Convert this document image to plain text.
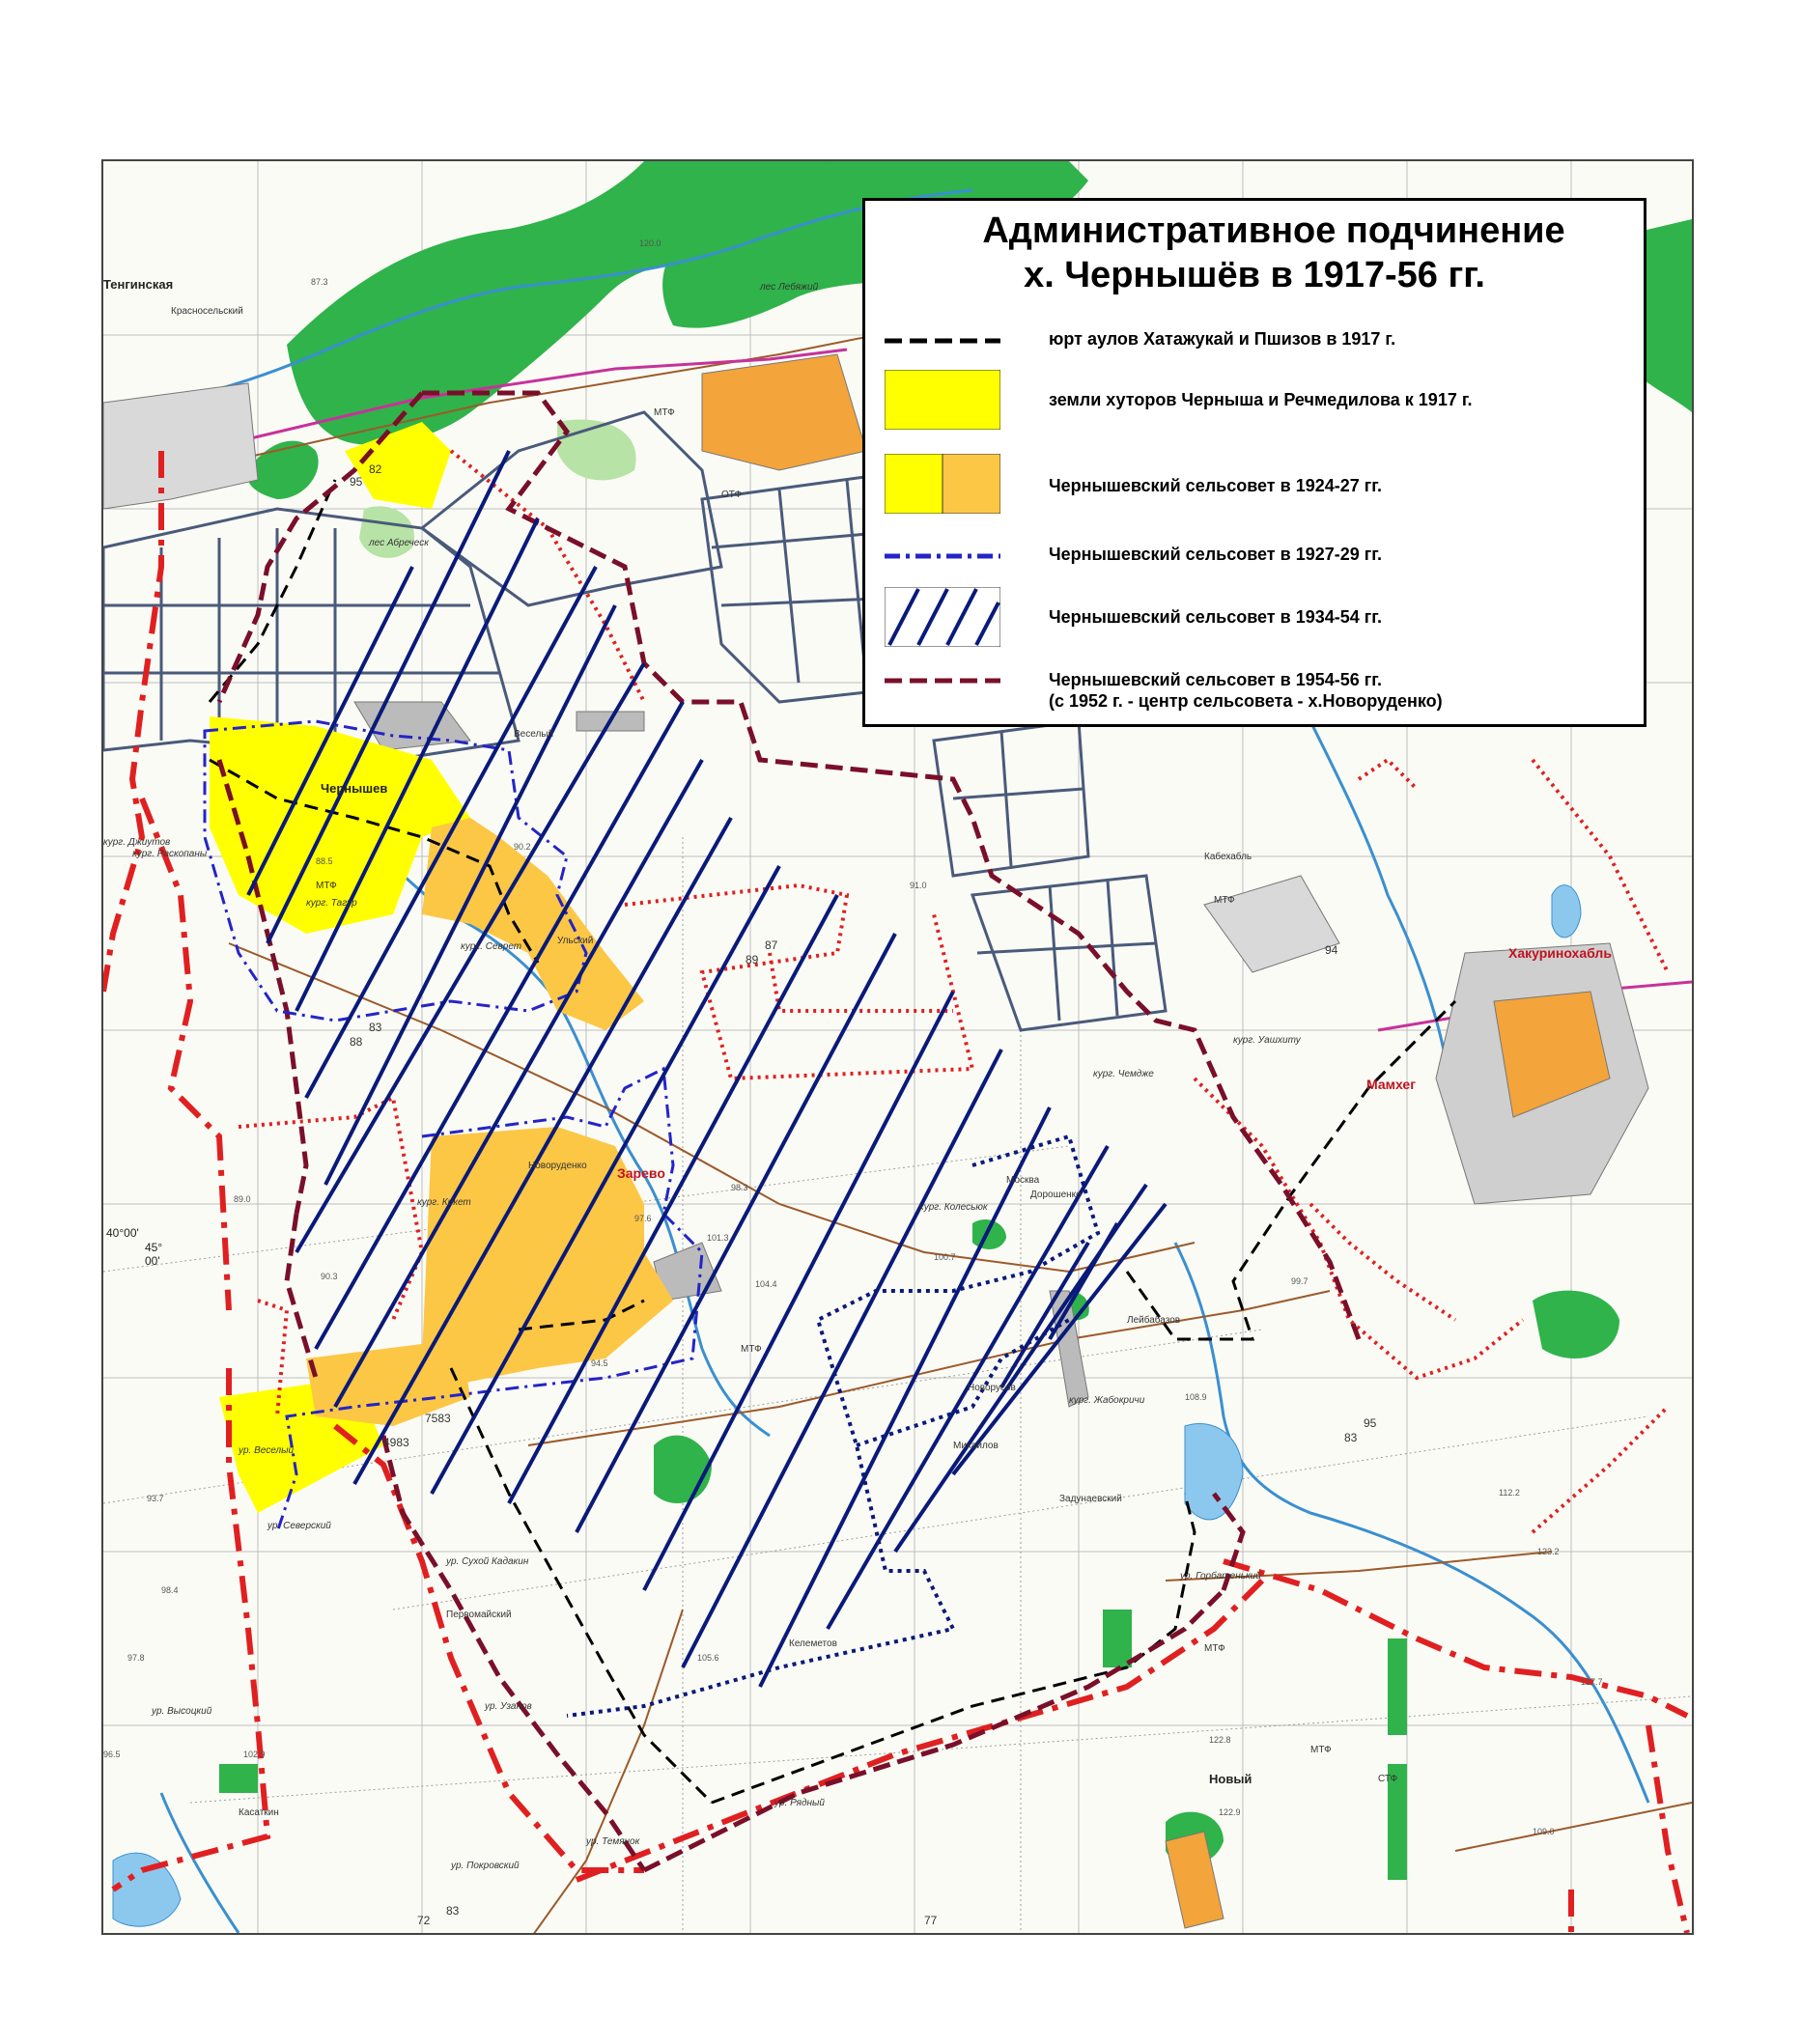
Тенгинская
Красносельский
Чернышев
Веселый
Ульский
Кабехабль
Хакуринохабль
Мамхег
Зарево
Новоруденко
Дорошенко
Москва
Лейбабазов
Новорусов
Михайлов
Задунаевский
Первомайский
Келеметов
Новый
Касаткин
кург. Джиутов
кург. Раскопаны
кург. Тагур
кург. Севрет
кург. Кикет	кург. Колесьюк
кург. Жабокричи
кург. Уашхиту
кург. Чемдже
ур. Веселый
ур. Северский
ур. Сухой Кадакин
ур. Высоцкий	ур. Узанов
ур. Рядный
ур. Покровский
ур. Темянок
ур. Горбатенький
лес Лебяжий
лес Абреческ
МТФ
МТФ
ОТФ
МТФ
МТФ
МТФ
СТФ
МТФ
95
82
88
83
87
89
94
95
83
77
72
83
4983
7583
120.0
87.3
88.5
90.2
91.0
97.6
98.3
99.7
101.3
104.4
112.2
122.8
127.7
93.7
98.4
97.8
96.5
89.0
90.3
94.5
100.7
102.9
105.6
108.9
109.0
123.2
122.9
40°00'
45°
00'
Административное подчинение
х. Чернышёв в 1917-56 гг.
юрт аулов Хатажукай и Пшизов в 1917 г.
земли хуторов Черныша и Речмедилова к 1917 г.
Чернышевский сельсовет в 1924-27 гг.
Чернышевский сельсовет в 1927-29 гг.
Чернышевский сельсовет в 1934-54 гг.
Чернышевский сельсовет в 1954-56 гг.
(с 1952 г. - центр сельсовета - х.Новоруденко)
